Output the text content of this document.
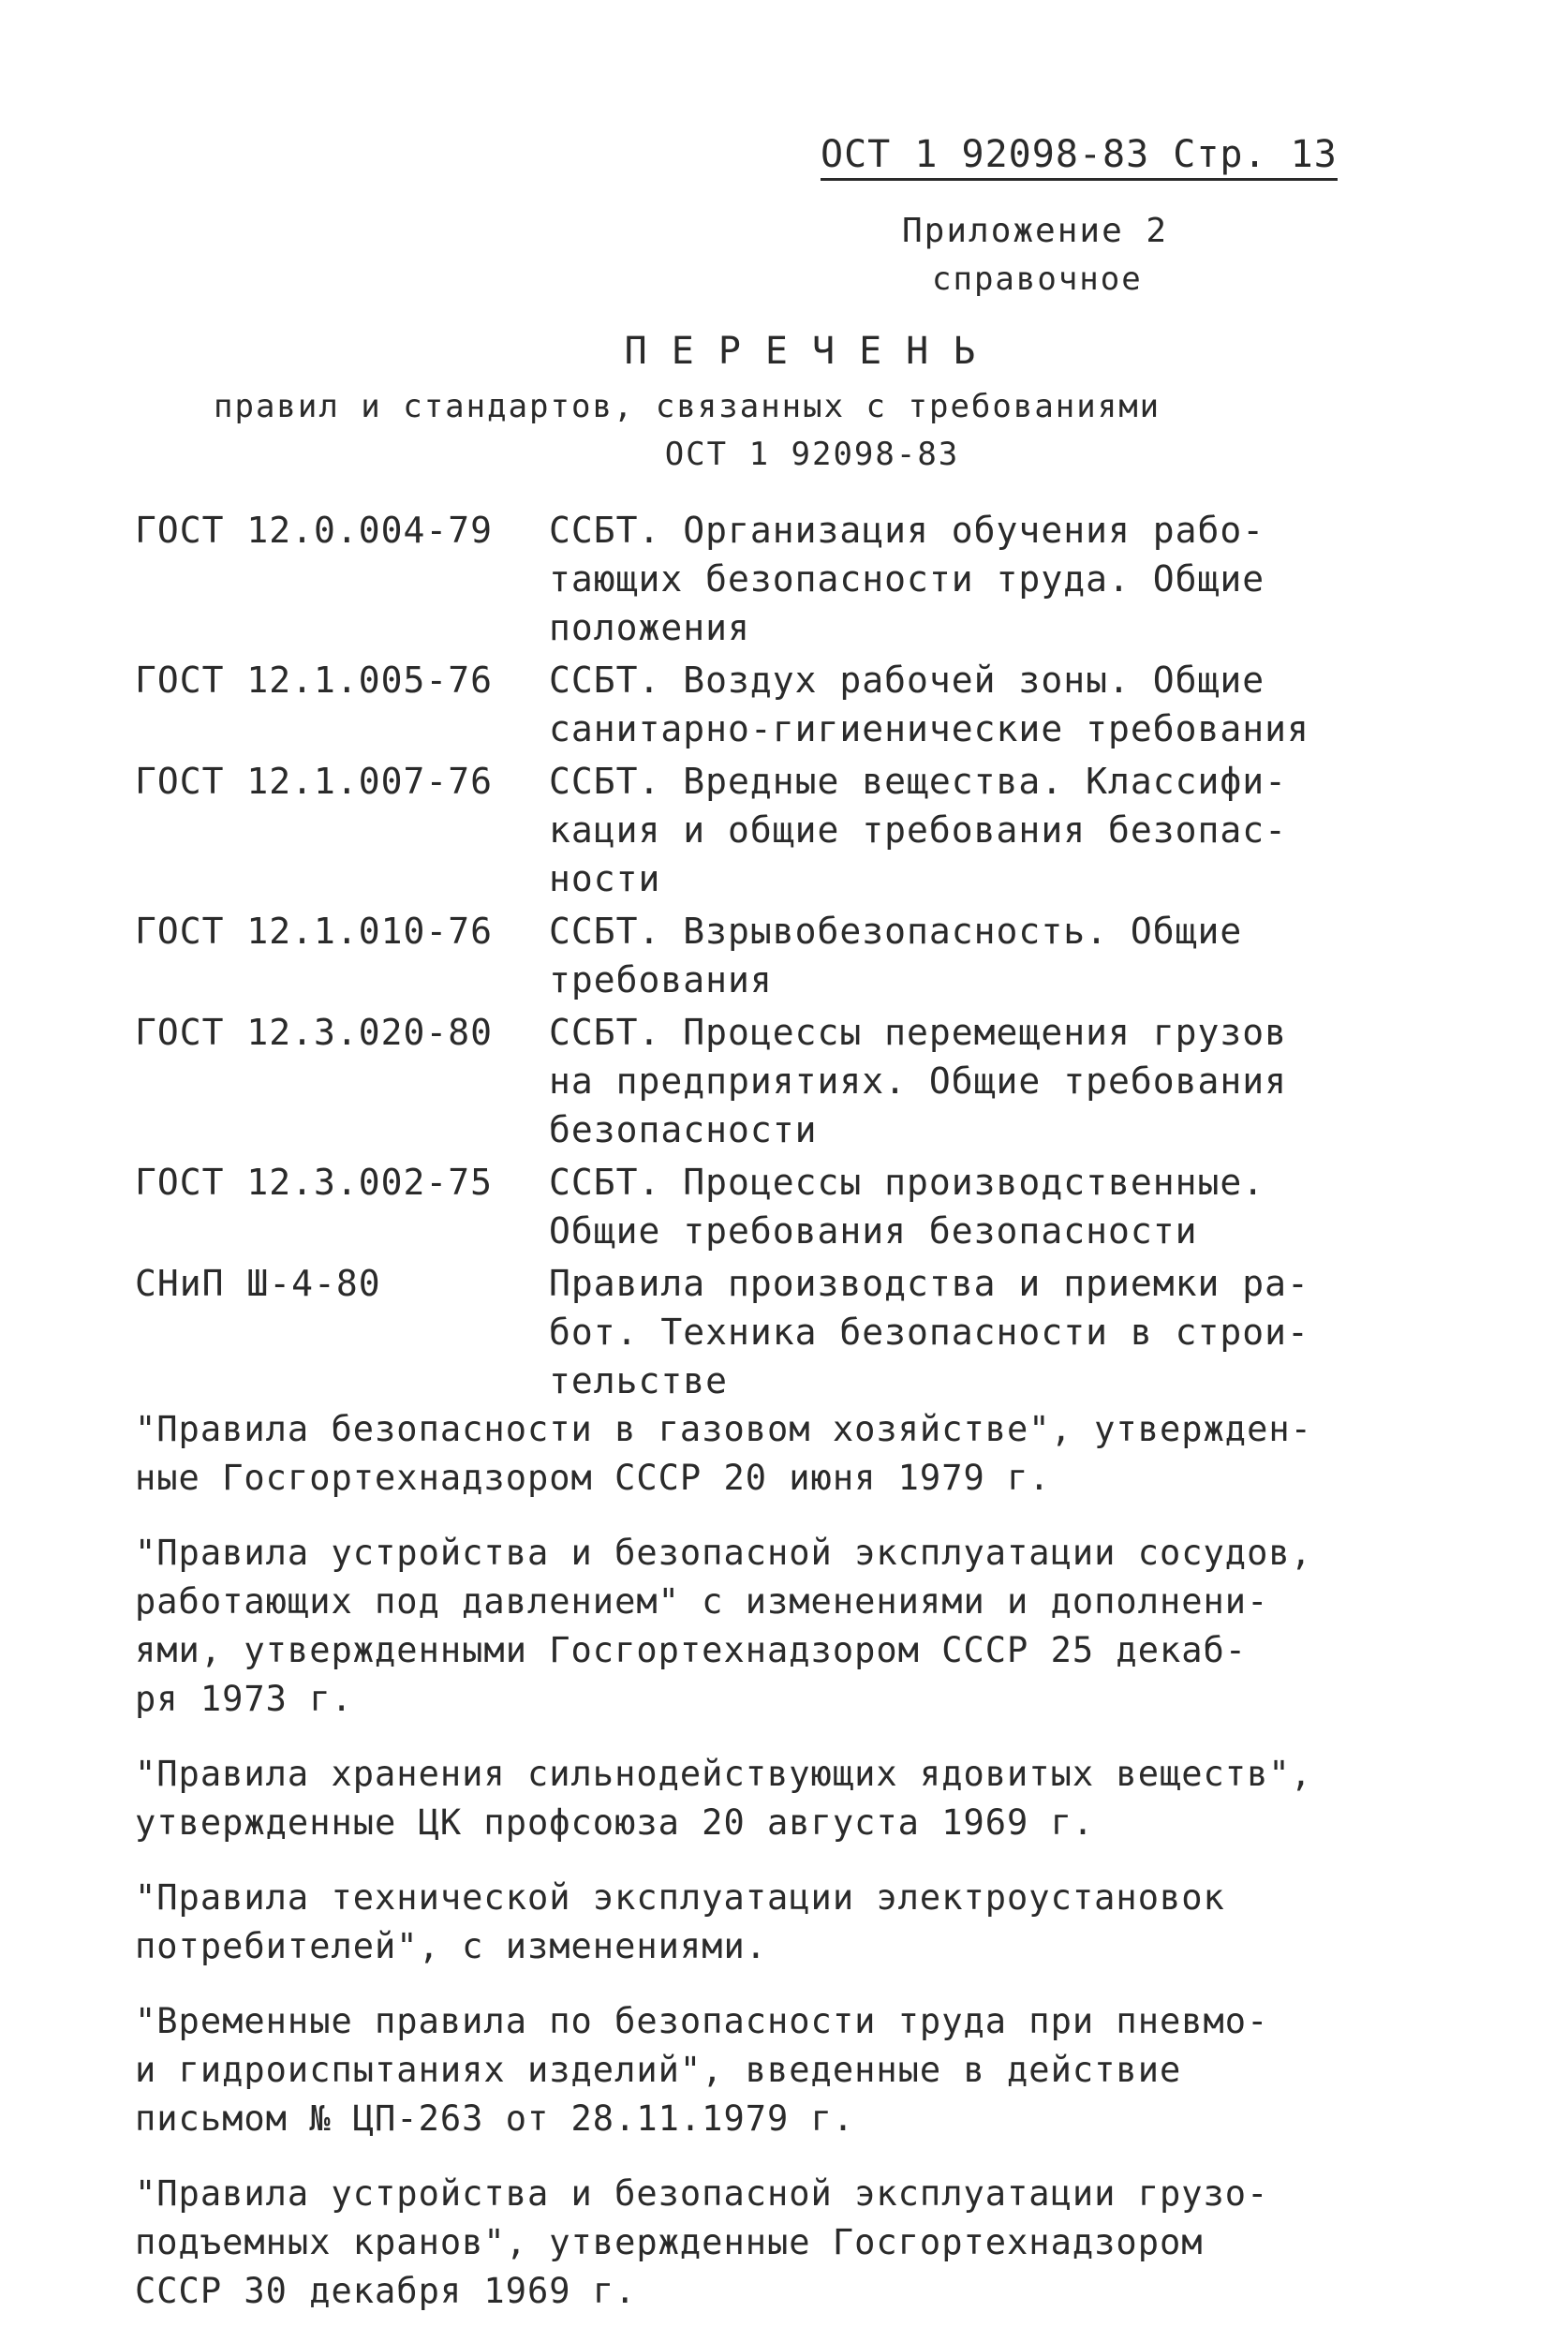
ОСТ 1 92098-83 Стр. 13
Приложение 2
справочное
ПЕРЕЧЕНЬ
правил и стандартов, связанных с требованиями
ОСТ 1 92098-83
ГОСТ 12.0.004-79	ССБТ. Организация обучения рабо-
тающих безопасности труда. Общие
положения
ГОСТ 12.1.005-76	ССБТ. Воздух рабочей зоны. Общие
санитарно-гигиенические требования
ГОСТ 12.1.007-76	ССБТ. Вредные вещества. Классифи-
кация и общие требования безопас-
ности
ГОСТ 12.1.010-76	ССБТ. Взрывобезопасность. Общие
требования
ГОСТ 12.3.020-80	ССБТ. Процессы перемещения грузов
на предприятиях. Общие требования
безопасности
ГОСТ 12.3.002-75	ССБТ. Процессы производственные.
Общие требования безопасности
СНиП Ш-4-80	Правила производства и приемки ра-
бот. Техника безопасности в строи-
тельстве
"Правила безопасности в газовом хозяйстве", утвержден-
ные Госгортехнадзором СССР 20 июня 1979 г.
"Правила устройства и безопасной эксплуатации сосудов,
работающих под давлением" с изменениями и дополнени-
ями, утвержденными Госгортехнадзором СССР 25 декаб-
ря 1973 г.
"Правила хранения сильнодействующих ядовитых веществ",
утвержденные ЦК профсоюза 20 августа 1969 г.
"Правила технической эксплуатации электроустановок
потребителей", с изменениями.
"Временные правила по безопасности труда при пневмо-
и гидроиспытаниях изделий", введенные в действие
письмом № ЦП-263 от 28.11.1979 г.
"Правила устройства и безопасной эксплуатации грузо-
подъемных кранов", утвержденные Госгортехнадзором
СССР 30 декабря 1969 г.
